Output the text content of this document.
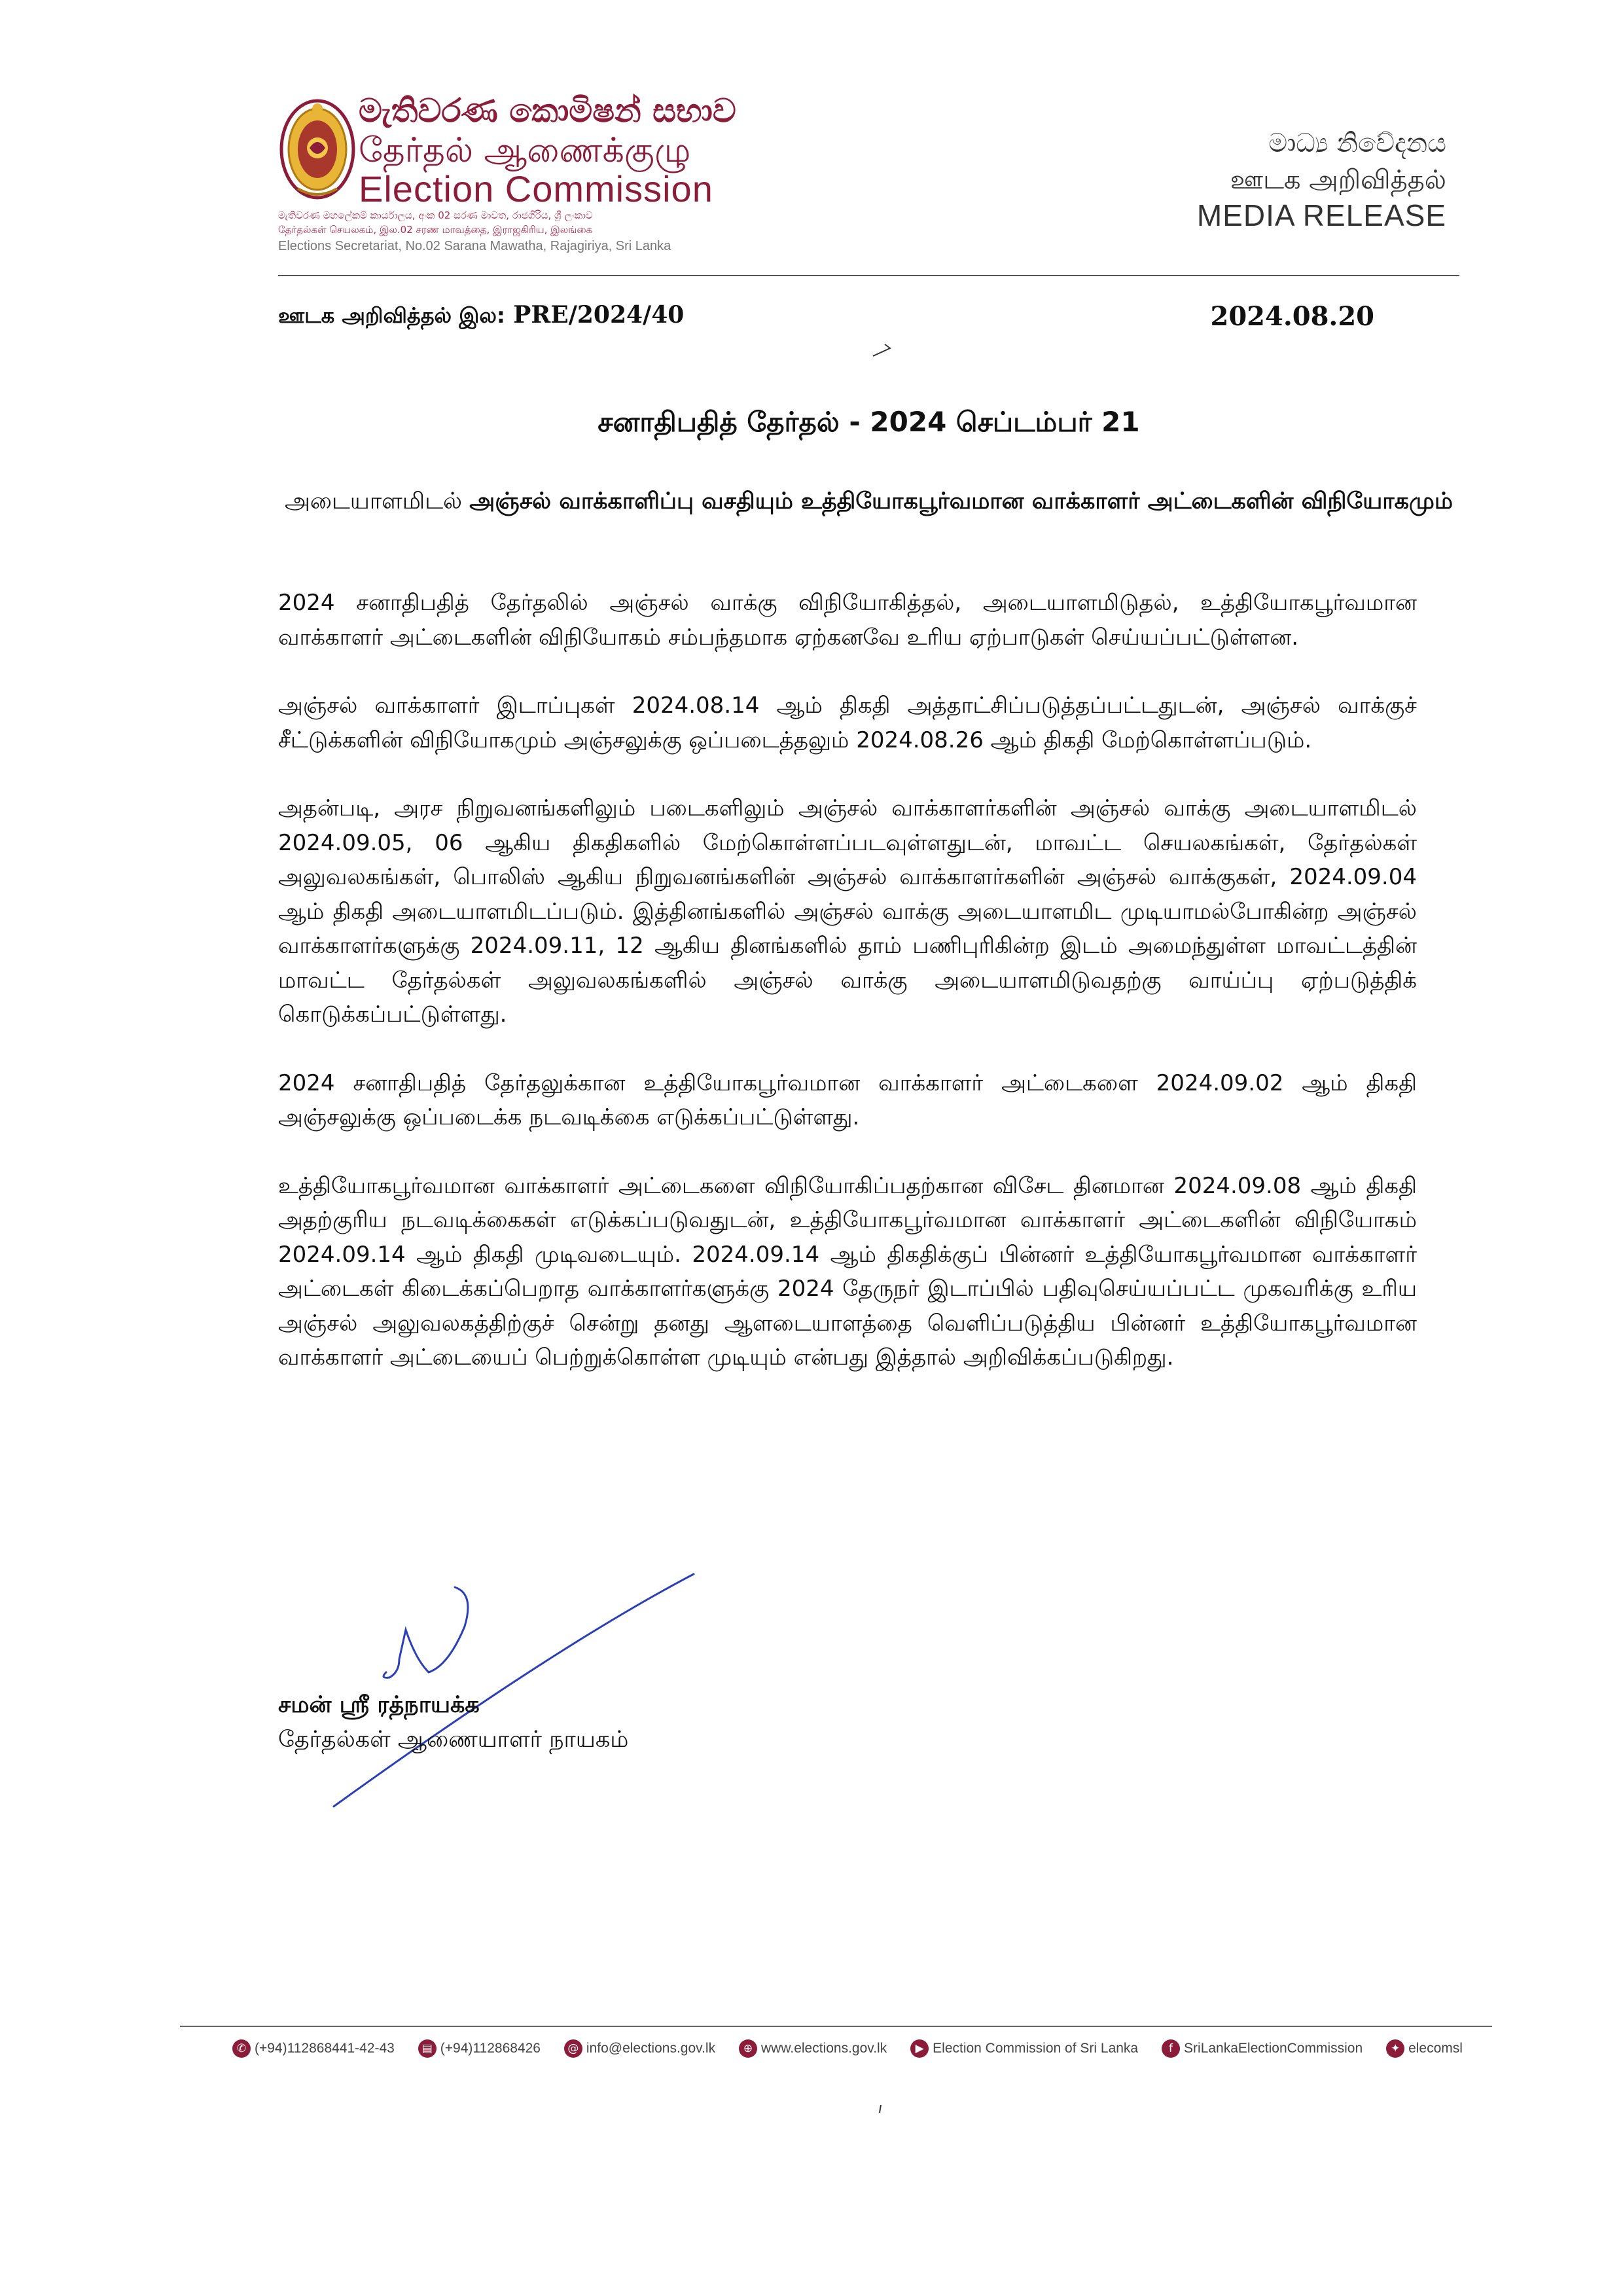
මැතිවරණ කොමිෂන් සභාව
தேர்தல் ஆணைக்குழு
Election Commission
මැතිවරණ මහලේකම් කාර්යාලය, අංක 02 සරණ මාවත, රාජගිරිය, ශ්‍රී ලංකාව
தேர்தல்கள் செயலகம், இல.02 சரண மாவத்தை, இராஜகிரிய, இலங்கை
Elections Secretariat, No.02 Sarana Mawatha, Rajagiriya, Sri Lanka
මාධ්‍ය නිවේදනය
ஊடக அறிவித்தல்
MEDIA RELEASE
ஊடக அறிவித்தல் இல: PRE/2024/40	2024.08.20
சனாதிபதித் தேர்தல் - 2024 செப்டம்பர் 21
அடையாளமிடல் அஞ்சல் வாக்காளிப்பு வசதியும் உத்தியோகபூர்வமான வாக்காளர் அட்டைகளின் விநியோகமும்

2024 சனாதிபதித் தேர்தலில் அஞ்சல் வாக்கு விநியோகித்தல், அடையாளமிடுதல், உத்தியோகபூர்வமான வாக்காளர் அட்டைகளின் விநியோகம் சம்பந்தமாக ஏற்கனவே உரிய ஏற்பாடுகள் செய்யப்பட்டுள்ளன.

அஞ்சல் வாக்காளர் இடாப்புகள் 2024.08.14 ஆம் திகதி அத்தாட்சிப்படுத்தப்பட்டதுடன், அஞ்சல் வாக்குச் சீட்டுக்களின் விநியோகமும் அஞ்சலுக்கு ஒப்படைத்தலும் 2024.08.26 ஆம் திகதி மேற்கொள்ளப்படும்.

அதன்படி, அரச நிறுவனங்களிலும் படைகளிலும் அஞ்சல் வாக்காளர்களின் அஞ்சல் வாக்கு அடையாளமிடல் 2024.09.05, 06 ஆகிய திகதிகளில் மேற்கொள்ளப்படவுள்ளதுடன், மாவட்ட செயலகங்கள், தேர்தல்கள் அலுவலகங்கள், பொலிஸ் ஆகிய நிறுவனங்களின் அஞ்சல் வாக்காளர்களின் அஞ்சல் வாக்குகள், 2024.09.04 ஆம் திகதி அடையாளமிடப்படும். இத்தினங்களில் அஞ்சல் வாக்கு அடையாளமிட முடியாமல்போகின்ற அஞ்சல் வாக்காளர்களுக்கு 2024.09.11, 12 ஆகிய தினங்களில் தாம் பணிபுரிகின்ற இடம் அமைந்துள்ள மாவட்டத்தின் மாவட்ட தேர்தல்கள் அலுவலகங்களில் அஞ்சல் வாக்கு அடையாளமிடுவதற்கு வாய்ப்பு ஏற்படுத்திக் கொடுக்கப்பட்டுள்ளது.

2024 சனாதிபதித் தேர்தலுக்கான உத்தியோகபூர்வமான வாக்காளர் அட்டைகளை 2024.09.02 ஆம் திகதி அஞ்சலுக்கு ஒப்படைக்க நடவடிக்கை எடுக்கப்பட்டுள்ளது.

உத்தியோகபூர்வமான வாக்காளர் அட்டைகளை விநியோகிப்பதற்கான விசேட தினமான 2024.09.08 ஆம் திகதி அதற்குரிய நடவடிக்கைகள் எடுக்கப்படுவதுடன், உத்தியோகபூர்வமான வாக்காளர் அட்டைகளின் விநியோகம் 2024.09.14 ஆம் திகதி முடிவடையும். 2024.09.14 ஆம் திகதிக்குப் பின்னர் உத்தியோகபூர்வமான வாக்காளர் அட்டைகள் கிடைக்கப்பெறாத வாக்காளர்களுக்கு 2024 தேருநர் இடாப்பில் பதிவுசெய்யப்பட்ட முகவரிக்கு உரிய அஞ்சல் அலுவலகத்திற்குச் சென்று தனது ஆளடையாளத்தை வெளிப்படுத்திய பின்னர் உத்தியோகபூர்வமான வாக்காளர் அட்டையைப் பெற்றுக்கொள்ள முடியும் என்பது இத்தால் அறிவிக்கப்படுகிறது.

சமன் ஸ்ரீ ரத்நாயக்க
தேர்தல்கள் ஆணையாளர் நாயகம்
✆ (+94)112868441-42-43	▤ (+94)112868426	@ info@elections.gov.lk	⊕ www.elections.gov.lk	▶ Election Commission of Sri Lanka	f SriLankaElectionCommission	✦ elecomsl
